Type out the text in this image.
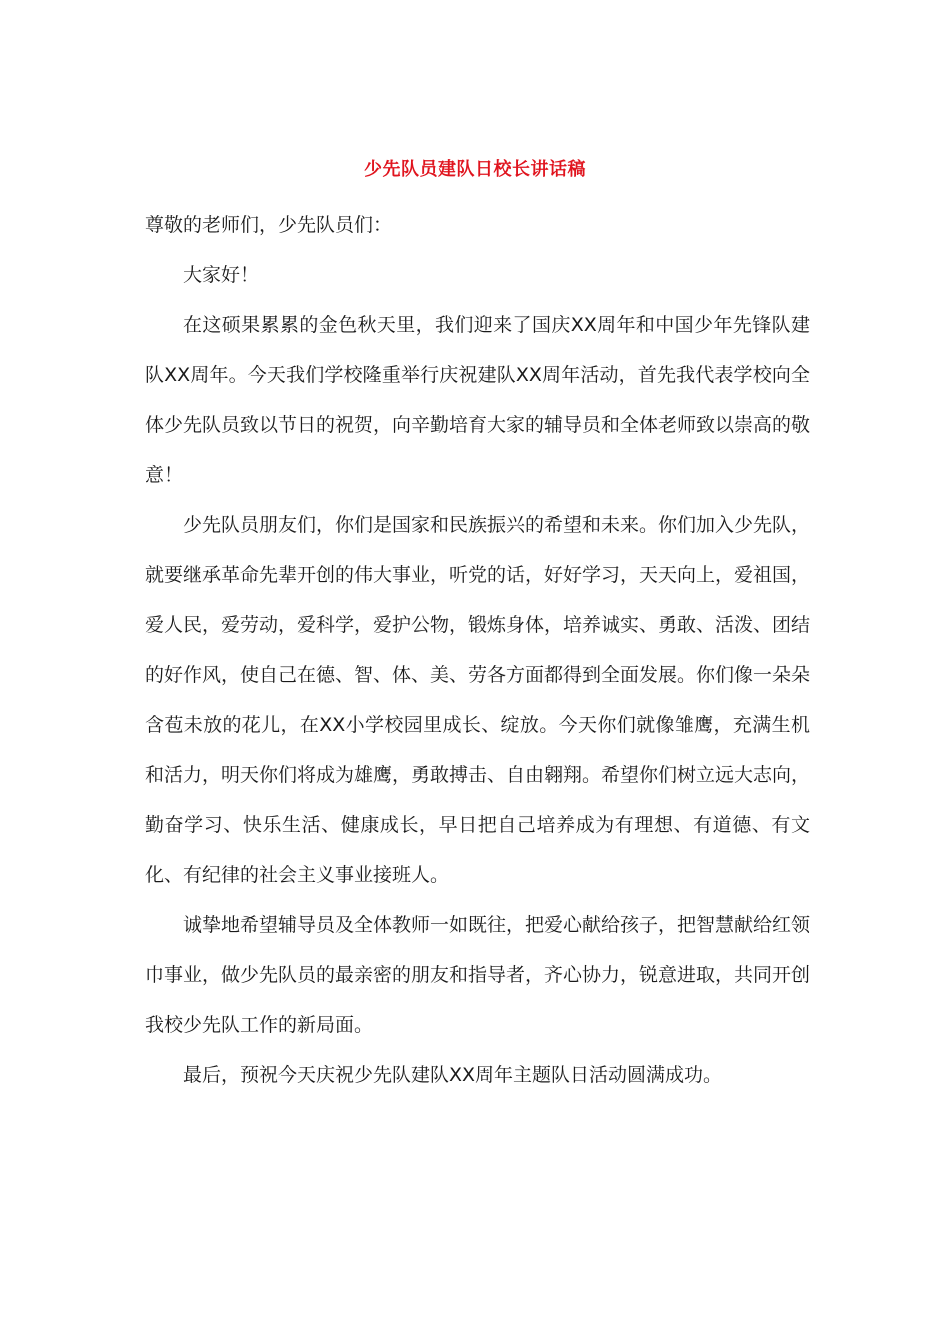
少先队员建队日校长讲话稿

尊敬的老师们，少先队员们：

大家好！

在这硕果累累的金色秋天里，我们迎来了国庆XX周年和中国少年先锋队建队XX周年。今天我们学校隆重举行庆祝建队XX周年活动，首先我代表学校向全体少先队员致以节日的祝贺，向辛勤培育大家的辅导员和全体老师致以崇高的敬意！

少先队员朋友们，你们是国家和民族振兴的希望和未来。你们加入少先队，就要继承革命先辈开创的伟大事业，听党的话，好好学习，天天向上，爱祖国，爱人民，爱劳动，爱科学，爱护公物，锻炼身体，培养诚实、勇敢、活泼、团结的好作风，使自己在德、智、体、美、劳各方面都得到全面发展。你们像一朵朵含苞未放的花儿，在XX小学校园里成长、绽放。今天你们就像雏鹰，充满生机和活力，明天你们将成为雄鹰，勇敢搏击、自由翱翔。希望你们树立远大志向，勤奋学习、快乐生活、健康成长，早日把自己培养成为有理想、有道德、有文化、有纪律的社会主义事业接班人。

诚挚地希望辅导员及全体教师一如既往，把爱心献给孩子，把智慧献给红领巾事业，做少先队员的最亲密的朋友和指导者，齐心协力，锐意进取，共同开创我校少先队工作的新局面。

最后，预祝今天庆祝少先队建队XX周年主题队日活动圆满成功。
